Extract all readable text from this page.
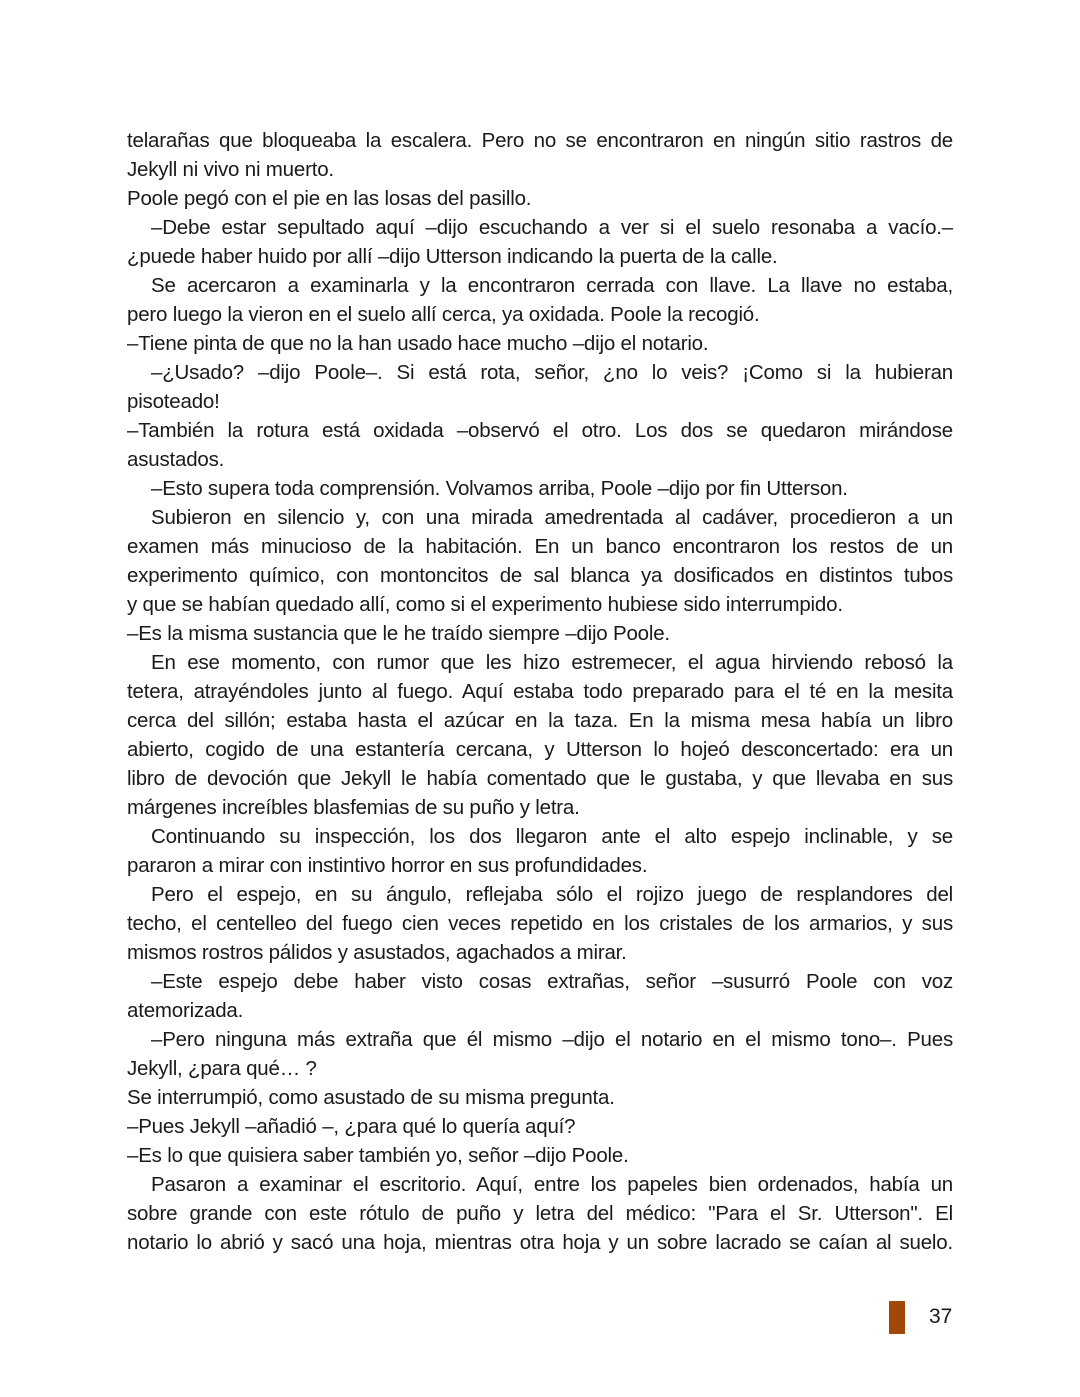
telarañas que bloqueaba la escalera. Pero no se encontraron en ningún sitio rastros de
Jekyll ni vivo ni muerto.
Poole pegó con el pie en las losas del pasillo.
–Debe estar sepultado aquí –dijo escuchando a ver si el suelo resonaba a vacío.–
¿puede haber huido por allí –dijo Utterson indicando la puerta de la calle.
Se acercaron a examinarla y la encontraron cerrada con llave. La llave no estaba,
pero luego la vieron en el suelo allí cerca, ya oxidada. Poole la recogió.
–Tiene pinta de que no la han usado hace mucho –dijo el notario.
–¿Usado? –dijo Poole–. Si está rota, señor, ¿no lo veis? ¡Como si la hubieran
pisoteado!
–También la rotura está oxidada –observó el otro. Los dos se quedaron mirándose
asustados.
–Esto supera toda comprensión. Volvamos arriba, Poole –dijo por fin Utterson.
Subieron en silencio y, con una mirada amedrentada al cadáver, procedieron a un
examen más minucioso de la habitación. En un banco encontraron los restos de un
experimento químico, con montoncitos de sal blanca ya dosificados en distintos tubos
y que se habían quedado allí, como si el experimento hubiese sido interrumpido.
–Es la misma sustancia que le he traído siempre –dijo Poole.
En ese momento, con rumor que les hizo estremecer, el agua hirviendo rebosó la
tetera, atrayéndoles junto al fuego. Aquí estaba todo preparado para el té en la mesita
cerca del sillón; estaba hasta el azúcar en la taza. En la misma mesa había un libro
abierto, cogido de una estantería cercana, y Utterson lo hojeó desconcertado: era un
libro de devoción que Jekyll le había comentado que le gustaba, y que llevaba en sus
márgenes increíbles blasfemias de su puño y letra.
Continuando su inspección, los dos llegaron ante el alto espejo inclinable, y se
pararon a mirar con instintivo horror en sus profundidades.
Pero el espejo, en su ángulo, reflejaba sólo el rojizo juego de resplandores del
techo, el centelleo del fuego cien veces repetido en los cristales de los armarios, y sus
mismos rostros pálidos y asustados, agachados a mirar.
–Este espejo debe haber visto cosas extrañas, señor –susurró Poole con voz
atemorizada.
–Pero ninguna más extraña que él mismo –dijo el notario en el mismo tono–. Pues
Jekyll, ¿para qué… ?
Se interrumpió, como asustado de su misma pregunta.
–Pues Jekyll –añadió –, ¿para qué lo quería aquí?
–Es lo que quisiera saber también yo, señor –dijo Poole.
Pasaron a examinar el escritorio. Aquí, entre los papeles bien ordenados, había un
sobre grande con este rótulo de puño y letra del médico: "Para el Sr. Utterson". El
notario lo abrió y sacó una hoja, mientras otra hoja y un sobre lacrado se caían al suelo.
37
